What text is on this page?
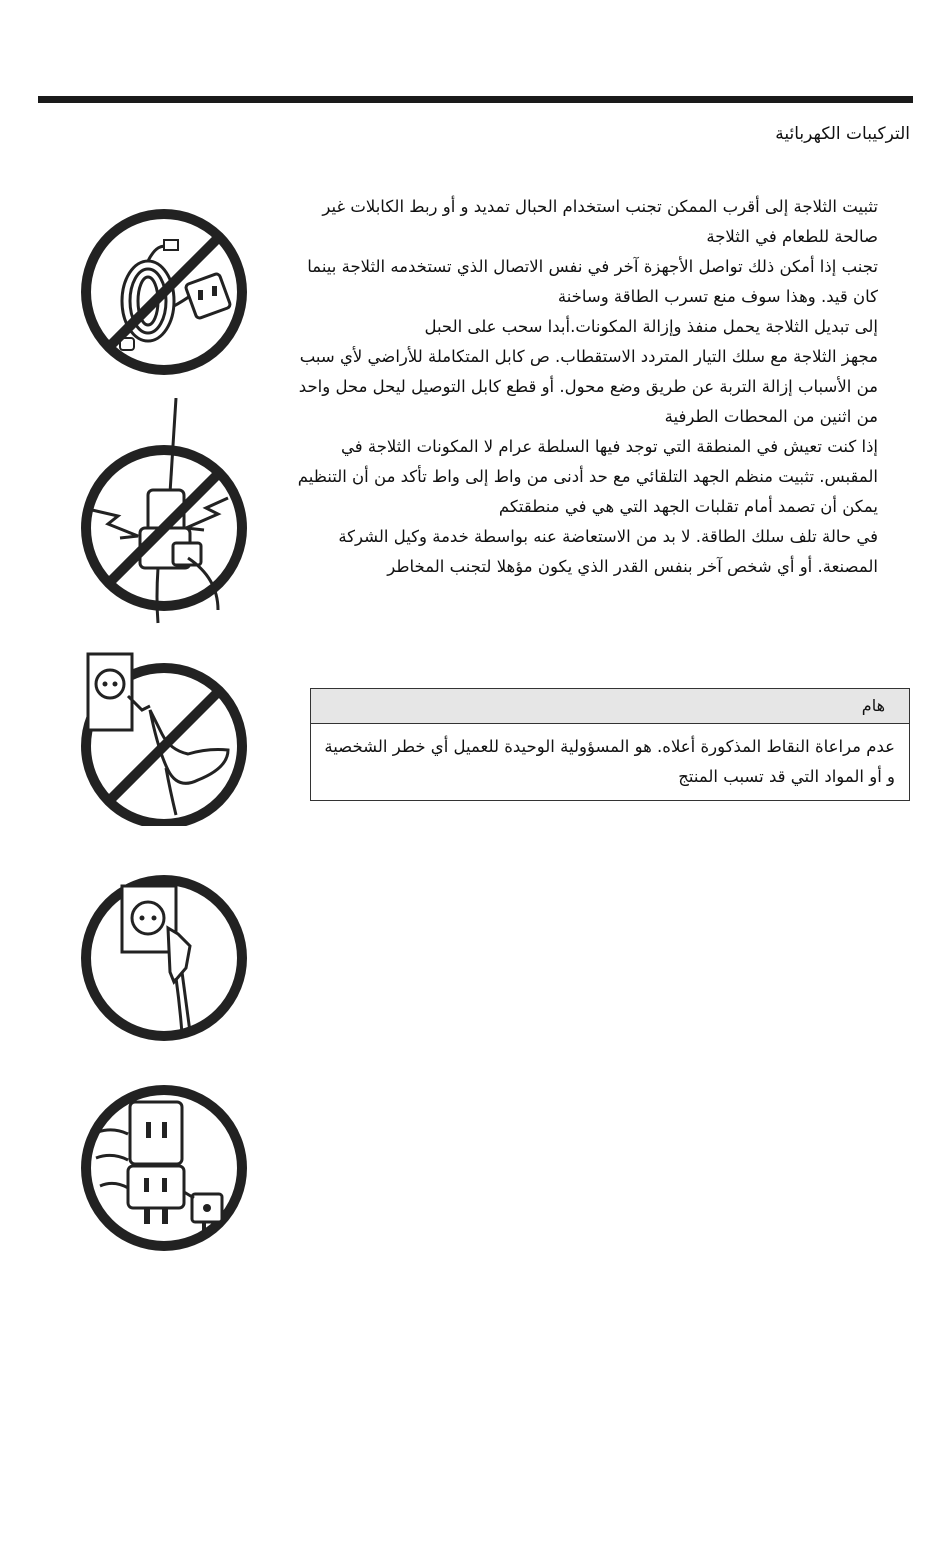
التركيبات الكهربائية
تثبيت الثلاجة إلى أقرب الممكن تجنب استخدام الحبال تمديد و أو ربط الكابلات غير صالحة للطعام في الثلاجة
تجنب إذا أمكن ذلك تواصل الأجهزة آخر في نفس الاتصال الذي تستخدمه الثلاجة بينما كان قيد. وهذا سوف منع تسرب الطاقة وساخنة
إلى تبديل الثلاجة يحمل منفذ وإزالة المكونات.أبدا سحب على الحبل
مجهز الثلاجة مع سلك التيار المتردد الاستقطاب. ص كابل المتكاملة للأراضي لأي سبب من الأسباب إزالة التربة عن طريق وضع محول. أو قطع كابل التوصيل ليحل محل واحد من اثنين من المحطات الطرفية
إذا كنت تعيش في المنطقة التي توجد فيها السلطة عرام لا المكونات الثلاجة في المقبس. تثبيت منظم الجهد التلقائي مع حد أدنى من واط إلى واط تأكد من أن التنظيم يمكن أن تصمد أمام تقلبات الجهد التي هي في منطقتكم
في حالة تلف سلك الطاقة. لا بد من الاستعاضة عنه بواسطة خدمة وكيل الشركة المصنعة. أو أي شخص آخر بنفس القدر الذي يكون مؤهلا لتجنب المخاطر
هام
عدم مراعاة النقاط المذكورة أعلاه. هو المسؤولية الوحيدة للعميل أي خطر الشخصية و أو المواد التي قد تسبب المنتج
